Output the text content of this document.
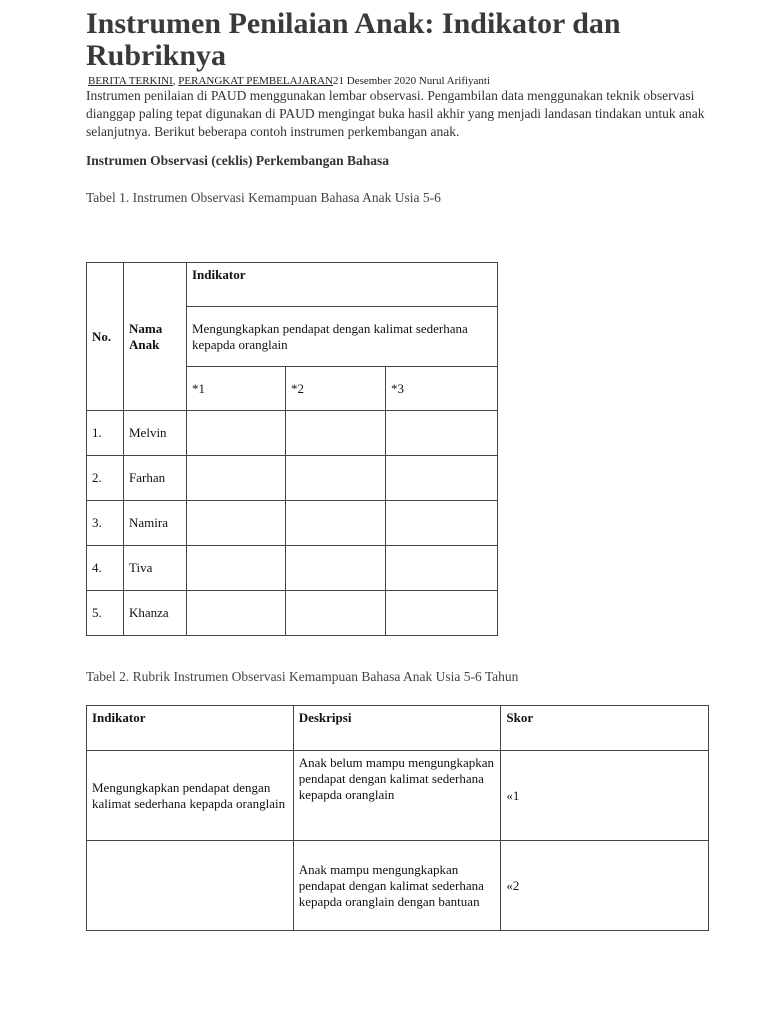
Instrumen Penilaian Anak: Indikator dan Rubriknya
BERITA TERKINI, PERANGKAT PEMBELAJARAN21 Desember 2020 Nurul Arifiyanti

Instrumen penilaian di PAUD menggunakan lembar observasi. Pengambilan data menggunakan teknik observasi dianggap paling tepat digunakan di PAUD mengingat buka hasil akhir yang menjadi landasan tindakan untuk anak selanjutnya. Berikut beberapa contoh instrumen perkembangan anak.

Instrumen Observasi (ceklis) Perkembangan Bahasa

Tabel 1. Instrumen Observasi Kemampuan Bahasa Anak Usia 5-6

No.	Nama Anak	Indikator		
		Mengungkapkan pendapat dengan kalimat sederhana kepapda oranglain		
		*1	*2	*3
1.	Melvin			
2.	Farhan			
3.	Namira			
4.	Tiva			
5.	Khanza			

Tabel 2. Rubrik Instrumen Observasi Kemampuan Bahasa Anak Usia 5-6 Tahun

Indikator	Deskripsi	Skor
Mengungkapkan pendapat dengan kalimat sederhana kepapda oranglain	Anak belum mampu mengungkapkan pendapat dengan kalimat sederhana kepapda oranglain	«1
	Anak mampu mengungkapkan pendapat dengan kalimat sederhana kepapda oranglain dengan bantuan	«2
